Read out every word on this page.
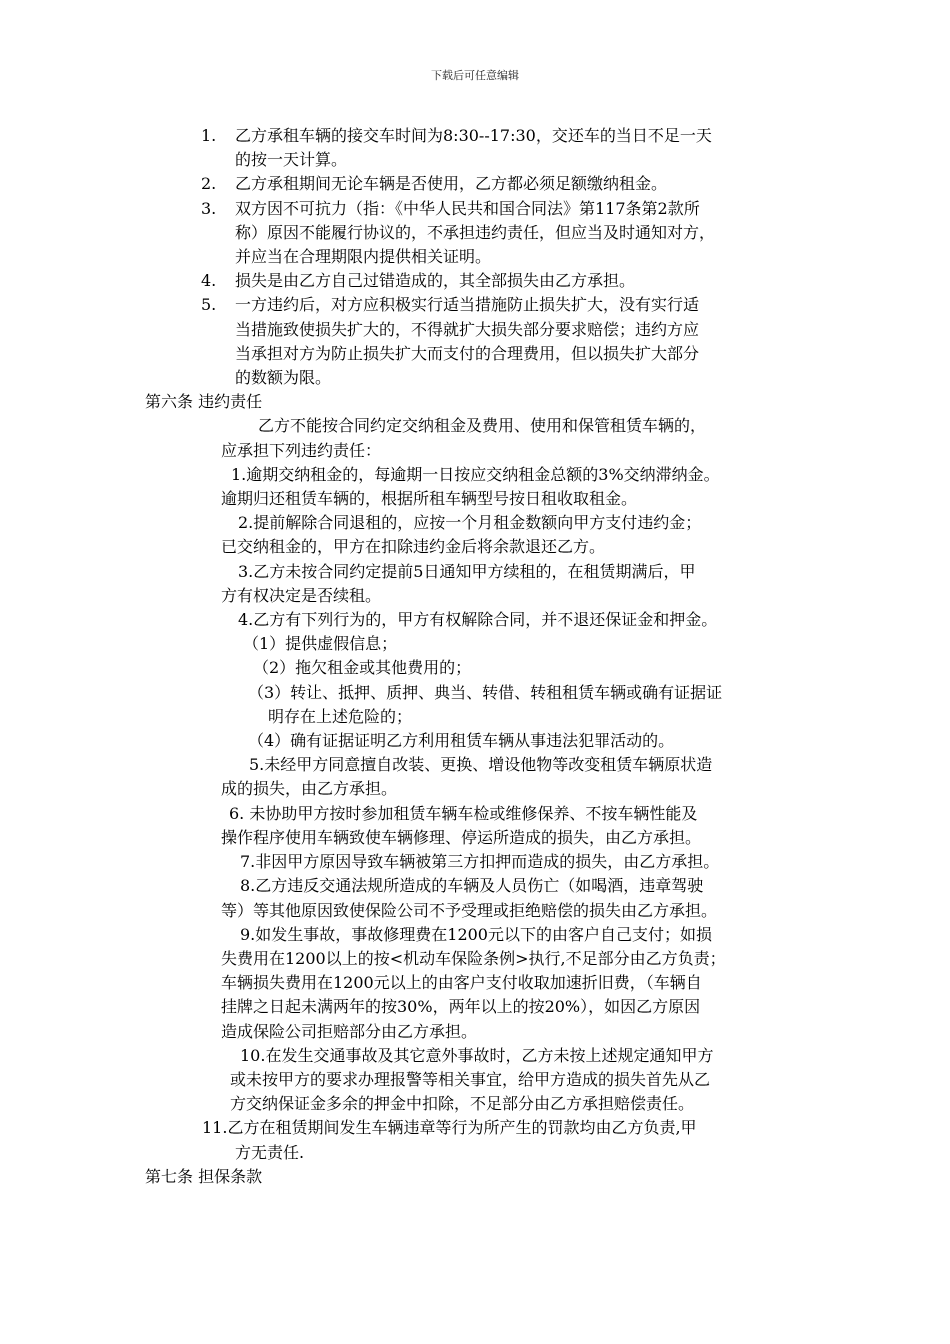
下载后可任意编辑
1. 乙方承租车辆的接交车时间为8:30--17:30，交还车的当日不足一天
的按一天计算。
2. 乙方承租期间无论车辆是否使用，乙方都必须足额缴纳租金。
3. 双方因不可抗力（指：《中华人民共和国合同法》第117条第2款所
称）原因不能履行协议的，不承担违约责任，但应当及时通知对方，
并应当在合理期限内提供相关证明。
4. 损失是由乙方自己过错造成的，其全部损失由乙方承担。
5. 一方违约后，对方应积极实行适当措施防止损失扩大，没有实行适
当措施致使损失扩大的，不得就扩大损失部分要求赔偿；违约方应
当承担对方为防止损失扩大而支付的合理费用，但以损失扩大部分
的数额为限。
第六条 违约责任
乙方不能按合同约定交纳租金及费用、使用和保管租赁车辆的，
应承担下列违约责任：
1.逾期交纳租金的，每逾期一日按应交纳租金总额的3%交纳滞纳金。
逾期归还租赁车辆的，根据所租车辆型号按日租收取租金。
2.提前解除合同退租的，应按一个月租金数额向甲方支付违约金；
已交纳租金的，甲方在扣除违约金后将余款退还乙方。
3.乙方未按合同约定提前5日通知甲方续租的，在租赁期满后，甲
方有权决定是否续租。
4.乙方有下列行为的，甲方有权解除合同，并不退还保证金和押金。
（1）提供虚假信息；
（2）拖欠租金或其他费用的；
（3）转让、抵押、质押、典当、转借、转租租赁车辆或确有证据证
明存在上述危险的；
（4）确有证据证明乙方利用租赁车辆从事违法犯罪活动的。
5.未经甲方同意擅自改装、更换、增设他物等改变租赁车辆原状造
成的损失，由乙方承担。
6. 未协助甲方按时参加租赁车辆车检或维修保养、不按车辆性能及
操作程序使用车辆致使车辆修理、停运所造成的损失，由乙方承担。
7.非因甲方原因导致车辆被第三方扣押而造成的损失，由乙方承担。
8.乙方违反交通法规所造成的车辆及人员伤亡（如喝酒，违章驾驶
等）等其他原因致使保险公司不予受理或拒绝赔偿的损失由乙方承担。
9.如发生事故，事故修理费在1200元以下的由客户自己支付；如损
失费用在1200以上的按<机动车保险条例>执行,不足部分由乙方负责；
车辆损失费用在1200元以上的由客户支付收取加速折旧费，（车辆自
挂牌之日起未满两年的按30%，两年以上的按20%），如因乙方原因
造成保险公司拒赔部分由乙方承担。
10.在发生交通事故及其它意外事故时，乙方未按上述规定通知甲方
或未按甲方的要求办理报警等相关事宜，给甲方造成的损失首先从乙
方交纳保证金多余的押金中扣除，不足部分由乙方承担赔偿责任。
11.乙方在租赁期间发生车辆违章等行为所产生的罚款均由乙方负责,甲
方无责任.
第七条 担保条款
